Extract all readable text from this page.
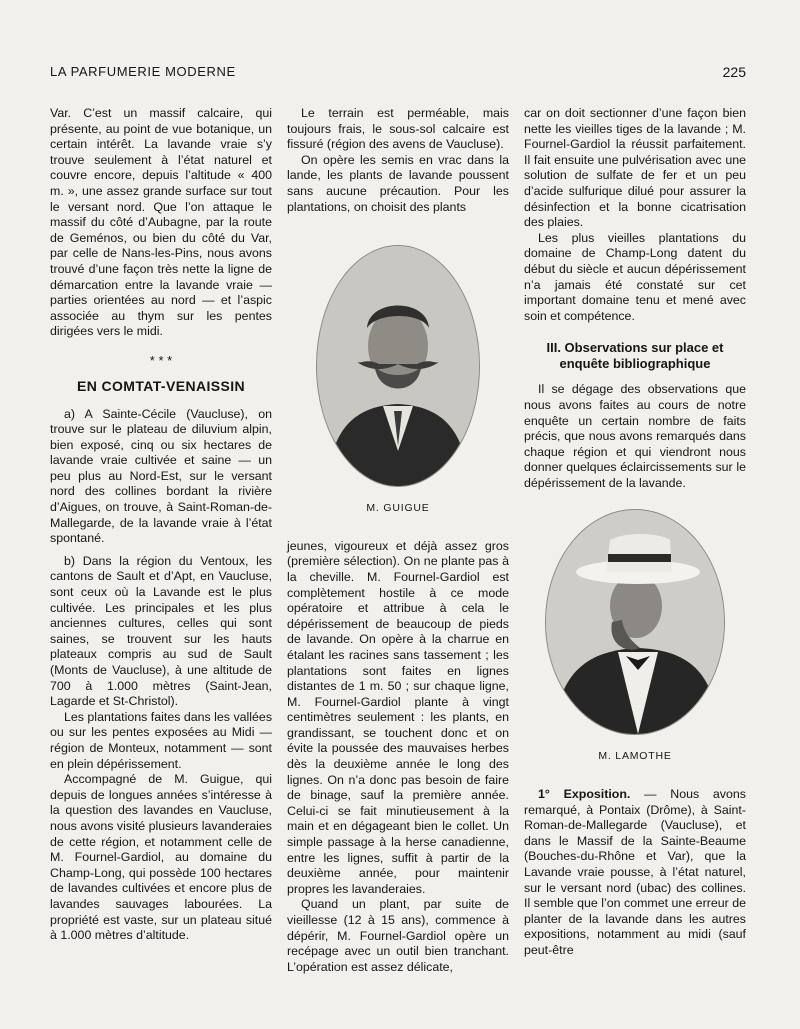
LA PARFUMERIE MODERNE	225

Var. C’est un massif calcaire, qui présente, au point de vue botanique, un certain intérêt. La lavande vraie s’y trouve seulement à l’état naturel et couvre encore, depuis l’altitude « 400 m. », une assez grande surface sur tout le versant nord. Que l’on attaque le massif du côté d’Aubagne, par la route de Geménos, ou bien du côté du Var, par celle de Nans-les-Pins, nous avons trouvé d’une façon très nette la ligne de démarcation entre la lavande vraie — parties orientées au nord — et l’aspic associée au thym sur les pentes dirigées vers le midi.

* * *
EN COMTAT-VENAISSIN

a) A Sainte-Cécile (Vaucluse), on trouve sur le plateau de diluvium alpin, bien exposé, cinq ou six hectares de lavande vraie cultivée et saine — un peu plus au Nord-Est, sur le versant nord des collines bordant la rivière d’Aigues, on trouve, à Saint-Roman-de-Mallegarde, de la lavande vraie à l’état spontané.

b) Dans la région du Ventoux, les cantons de Sault et d’Apt, en Vaucluse, sont ceux où la Lavande est le plus cultivée. Les principales et les plus anciennes cultures, celles qui sont saines, se trouvent sur les hauts plateaux compris au sud de Sault (Monts de Vaucluse), à une altitude de 700 à 1.000 mètres (Saint-Jean, Lagarde et St-Christol).

Les plantations faites dans les vallées ou sur les pentes exposées au Midi — région de Monteux, notamment — sont en plein dépérissement.

Accompagné de M. Guigue, qui depuis de longues années s’intéresse à la question des lavandes en Vaucluse, nous avons visité plusieurs lavanderaies de cette région, et notamment celle de M. Fournel-Gardiol, au domaine du Champ-Long, qui possède 100 hectares de lavandes cultivées et encore plus de lavandes sauvages labourées. La propriété est vaste, sur un plateau situé à 1.000 mètres d’altitude.

Le terrain est perméable, mais toujours frais, le sous-sol calcaire est fissuré (région des avens de Vaucluse).

On opère les semis en vrac dans la lande, les plants de lavande poussent sans aucune précaution. Pour les plantations, on choisit des plants

M. GUIGUE

jeunes, vigoureux et déjà assez gros (première sélection). On ne plante pas à la cheville. M. Fournel-Gardiol est complètement hostile à ce mode opératoire et attribue à cela le dépérissement de beaucoup de pieds de lavande. On opère à la charrue en étalant les racines sans tassement ; les plantations sont faites en lignes distantes de 1 m. 50 ; sur chaque ligne, M. Fournel-Gardiol plante à vingt centimètres seulement : les plants, en grandissant, se touchent donc et on évite la poussée des mauvaises herbes dès la deuxième année le long des lignes. On n’a donc pas besoin de faire de binage, sauf la première année. Celui-ci se fait minutieusement à la main et en dégageant bien le collet. Un simple passage à la herse canadienne, entre les lignes, suffit à partir de la deuxième année, pour maintenir propres les lavanderaies.

Quand un plant, par suite de vieillesse (12 à 15 ans), commence à dépérir, M. Fournel-Gardiol opère un recépage avec un outil bien tranchant. L’opération est assez délicate,

car on doit sectionner d’une façon bien nette les vieilles tiges de la lavande ; M. Fournel-Gardiol la réussit parfaitement. Il fait ensuite une pulvérisation avec une solution de sulfate de fer et un peu d’acide sulfurique dilué pour assurer la désinfection et la bonne cicatrisation des plaies.

Les plus vieilles plantations du domaine de Champ-Long datent du début du siècle et aucun dépérissement n’a jamais été constaté sur cet important domaine tenu et mené avec soin et compétence.

III. Observations sur place et enquête bibliographique

Il se dégage des observations que nous avons faites au cours de notre enquête un certain nombre de faits précis, que nous avons remarqués dans chaque région et qui viendront nous donner quelques éclaircissements sur le dépérissement de la lavande.

M. LAMOTHE

1° Exposition. — Nous avons remarqué, à Pontaix (Drôme), à Saint-Roman-de-Mallegarde (Vaucluse), et dans le Massif de la Sainte-Beaume (Bouches-du-Rhône et Var), que la Lavande vraie pousse, à l’état naturel, sur le versant nord (ubac) des collines. Il semble que l’on commet une erreur de planter de la lavande dans les autres expositions, notamment au midi (sauf peut-être
